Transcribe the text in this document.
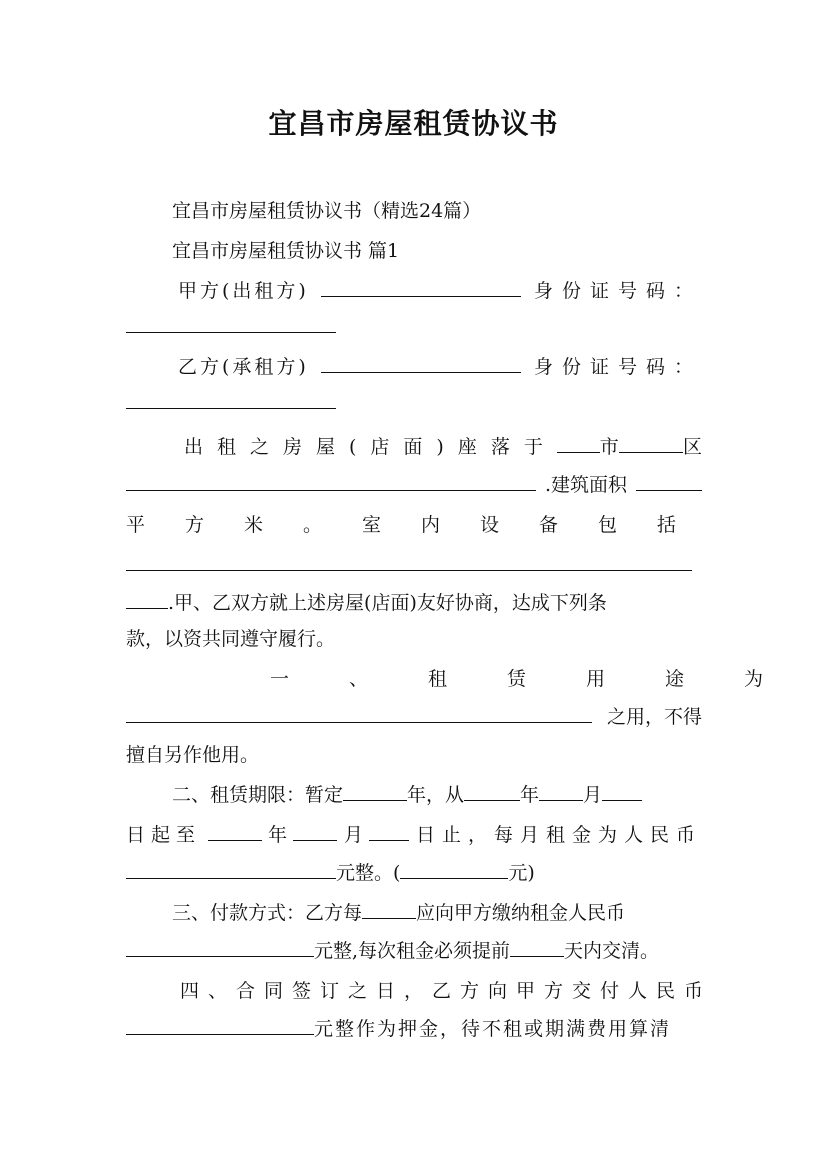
宜昌市房屋租赁协议书
宜昌市房屋租赁协议书（精选24篇）
宜昌市房屋租赁协议书 篇1
甲方(出租方)	身份证号码：
乙方(承租方)	身份证号码：
出租之房屋(店面)座落于 市	区
.建筑面积
平方米。室内设备包括
.甲、乙双方就上述房屋(店面)友好协商，达成下列条
款，以资共同遵守履行。
一、租赁用途为
之用，不得
擅自另作他用。
二、租赁期限：暂定	年，从	年 月
日起至	年	月	日止，每月租金为人民币
元整。(	元)
三、付款方式：乙方每	应向甲方缴纳租金人民币
元整,每次租金必须提前	天内交清。
四、合同签订之日，乙方向甲方交付人民币
元整作为押金，待不租或期满费用算清
